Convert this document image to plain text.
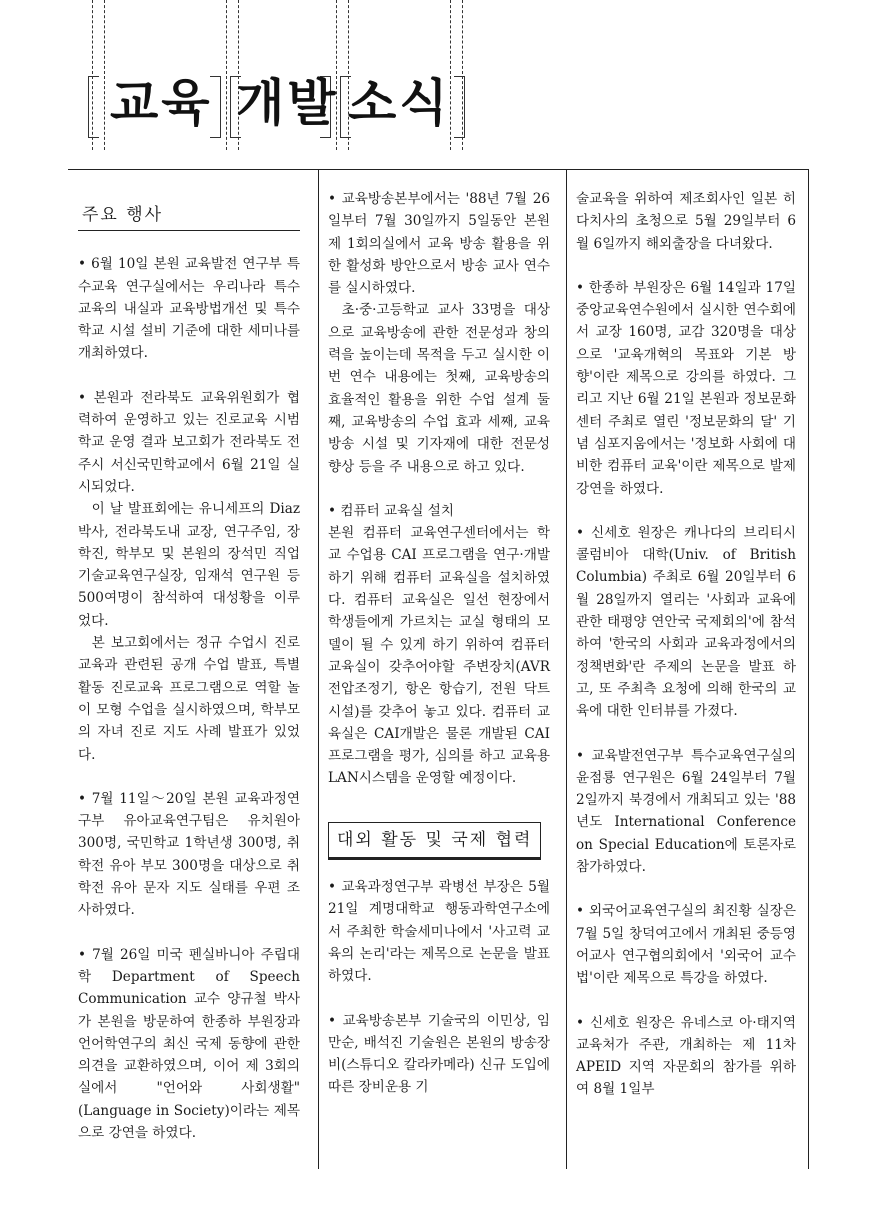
교육 개발 소식
주요 행사

• 6월 10일 본원 교육발전 연구부 특수교육 연구실에서는 우리나라 특수교육의 내실과 교육방법개선 및 특수학교 시설 설비 기준에 대한 세미나를 개최하였다.

• 본원과 전라북도 교육위원회가 협력하여 운영하고 있는 진로교육 시범학교 운영 결과 보고회가 전라북도 전주시 서신국민학교에서 6월 21일 실시되었다.

이 날 발표회에는 유니세프의 Diaz박사, 전라북도내 교장, 연구주임, 장학진, 학부모 및 본원의 장석민 직업기술교육연구실장, 임재석 연구원 등 500여명이 참석하여 대성황을 이루었다.

본 보고회에서는 정규 수업시 진로교육과 관련된 공개 수업 발표, 특별활동 진로교육 프로그램으로 역할 놀이 모형 수업을 실시하였으며, 학부모의 자녀 진로 지도 사례 발표가 있었다.

• 7월 11일～20일 본원 교육과정연구부 유아교육연구팀은 유치원아 300명, 국민학교 1학년생 300명, 취학전 유아 부모 300명을 대상으로 취학전 유아 문자 지도 실태를 우편 조사하였다.

• 7월 26일 미국 펜실바니아 주립대학 Department of Speech Communication 교수 양규철 박사가 본원을 방문하여 한종하 부원장과 언어학연구의 최신 국제 동향에 관한 의견을 교환하였으며, 이어 제 3회의실에서 "언어와 사회생활"(Language in Society)이라는 제목으로 강연을 하였다.

• 교육방송본부에서는 '88년 7월 26일부터 7월 30일까지 5일동안 본원 제 1회의실에서 교육 방송 활용을 위한 활성화 방안으로서 방송 교사 연수를 실시하였다.

초·중·고등학교 교사 33명을 대상으로 교육방송에 관한 전문성과 창의력을 높이는데 목적을 두고 실시한 이번 연수 내용에는 첫째, 교육방송의 효율적인 활용을 위한 수업 설계 둘째, 교육방송의 수업 효과 세째, 교육방송 시설 및 기자재에 대한 전문성 향상 등을 주 내용으로 하고 있다.

• 컴퓨터 교육실 설치

본원 컴퓨터 교육연구센터에서는 학교 수업용 CAI 프로그램을 연구·개발하기 위해 컴퓨터 교육실을 설치하였다. 컴퓨터 교육실은 일선 현장에서 학생들에게 가르치는 교실 형태의 모델이 될 수 있게 하기 위하여 컴퓨터 교육실이 갖추어야할 주변장치(AVR전압조정기, 항온 항습기, 전원 닥트시설)를 갖추어 놓고 있다. 컴퓨터 교육실은 CAI개발은 물론 개발된 CAI 프로그램을 평가, 심의를 하고 교육용 LAN시스템을 운영할 예정이다.

대외 활동 및 국제 협력

• 교육과정연구부 곽병선 부장은 5월 21일 계명대학교 행동과학연구소에서 주최한 학술세미나에서 '사고력 교육의 논리'라는 제목으로 논문을 발표하였다.

• 교육방송본부 기술국의 이민상, 임만순, 배석진 기술원은 본원의 방송장비(스튜디오 칼라카메라) 신규 도입에 따른 장비운용 기

술교육을 위하여 제조회사인 일본 히다치사의 초청으로 5월 29일부터 6월 6일까지 해외출장을 다녀왔다.

• 한종하 부원장은 6월 14일과 17일 중앙교육연수원에서 실시한 연수회에서 교장 160명, 교감 320명을 대상으로 '교육개혁의 목표와 기본 방향'이란 제목으로 강의를 하였다. 그리고 지난 6월 21일 본원과 정보문화센터 주최로 열린 '정보문화의 달' 기념 심포지움에서는 '정보화 사회에 대비한 컴퓨터 교육'이란 제목으로 발제 강연을 하였다.

• 신세호 원장은 캐나다의 브리티시 콜럼비아 대학(Univ. of British Columbia) 주최로 6월 20일부터 6월 28일까지 열리는 '사회과 교육에 관한 태평양 연안국 국제회의'에 참석하여 '한국의 사회과 교육과정에서의 정책변화'란 주제의 논문을 발표 하고, 또 주최측 요청에 의해 한국의 교육에 대한 인터뷰를 가졌다.

• 교육발전연구부 특수교육연구실의 윤점룡 연구원은 6월 24일부터 7월 2일까지 북경에서 개최되고 있는 '88년도 International Conference on Special Education에 토론자로 참가하였다.

• 외국어교육연구실의 최진황 실장은 7월 5일 창덕여고에서 개최된 중등영어교사 연구협의회에서 '외국어 교수법'이란 제목으로 특강을 하였다.

• 신세호 원장은 유네스코 아·태지역 교육처가 주관, 개최하는 제 11차 APEID 지역 자문회의 참가를 위하여 8월 1일부
